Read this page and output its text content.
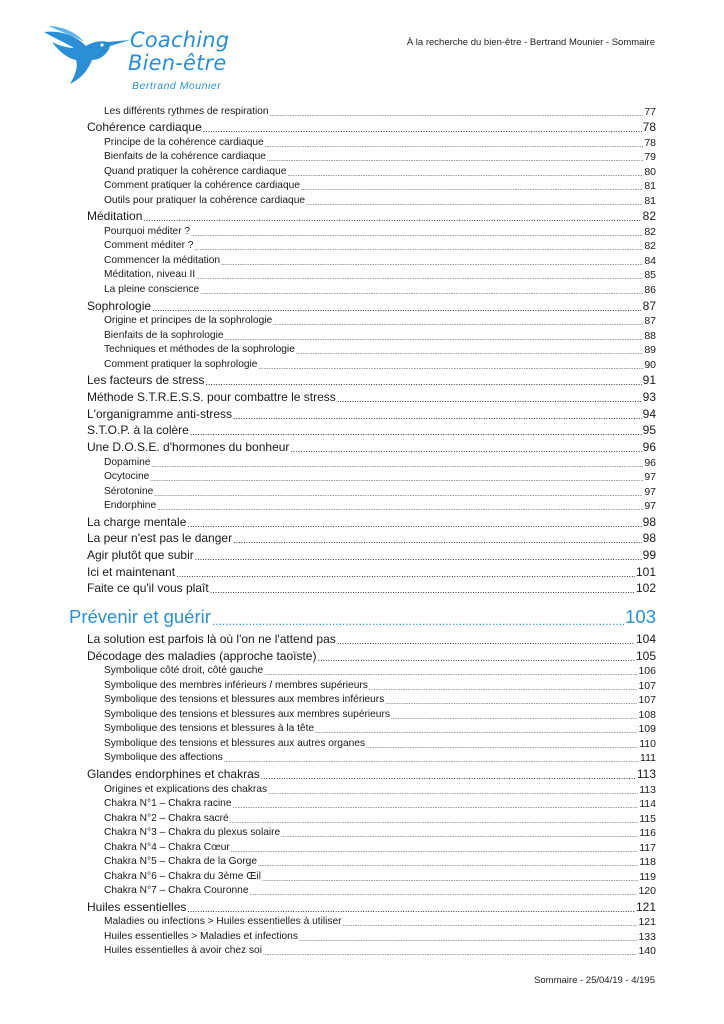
Coaching
Bien-être
Bertrand Mounier
À la recherche du bien-être - Bertrand Mounier - Sommaire
Les différents rythmes de respiration .....	77
Cohérence cardiaque .....	78
Principe de la cohérence cardiaque .....	78
Bienfaits de la cohérence cardiaque .....	79
Quand pratiquer la cohérence cardiaque .....	80
Comment pratiquer la cohérence cardiaque .....	81
Outils pour pratiquer la cohérence cardiaque .....	81
Méditation .....	82
Pourquoi méditer ? .....	82
Comment méditer ? .....	82
Commencer la méditation .....	84
Méditation, niveau II .....	85
La pleine conscience .....	86
Sophrologie .....	87
Origine et principes de la sophrologie .....	87
Bienfaits de la sophrologie .....	88
Techniques et méthodes de la sophrologie .....	89
Comment pratiquer la sophrologie .....	90
Les facteurs de stress .....	91
Méthode S.T.R.E.S.S. pour combattre le stress .....	93
L'organigramme anti-stress .....	94
S.T.O.P. à la colère .....	95
Une D.O.S.E. d'hormones du bonheur .....	96
Dopamine .....	96
Ocytocine .....	97
Sérotonine .....	97
Endorphine .....	97
La charge mentale .....	98
La peur n'est pas le danger .....	98
Agir plutôt que subir .....	99
Ici et maintenant .....	101
Faite ce qu'il vous plaît .....	102
Prévenir et guérir .....	103
La solution est parfois là où l'on ne l'attend pas .....	104
Décodage des maladies (approche taoïste) .....	105
Symbolique côté droit, côté gauche .....	106
Symbolique des membres inférieurs / membres supérieurs .....	107
Symbolique des tensions et blessures aux membres inférieurs .....	107
Symbolique des tensions et blessures aux membres supérieurs .....	108
Symbolique des tensions et blessures à la tête .....	109
Symbolique des tensions et blessures aux autres organes .....	110
Symbolique des affections .....	111
Glandes endorphines et chakras .....	113
Origines et explications des chakras .....	113
Chakra N°1 – Chakra racine .....	114
Chakra N°2 – Chakra sacré .....	115
Chakra N°3 – Chakra du plexus solaire .....	116
Chakra N°4 – Chakra Cœur .....	117
Chakra N°5 – Chakra de la Gorge .....	118
Chakra N°6 – Chakra du 3ème Œil .....	119
Chakra N°7 – Chakra Couronne .....	120
Huiles essentielles .....	121
Maladies ou infections > Huiles essentielles à utiliser .....	121
Huiles essentielles > Maladies et infections .....	133
Huiles essentielles à avoir chez soi .....	140
Sommaire - 25/04/19 - 4/195
